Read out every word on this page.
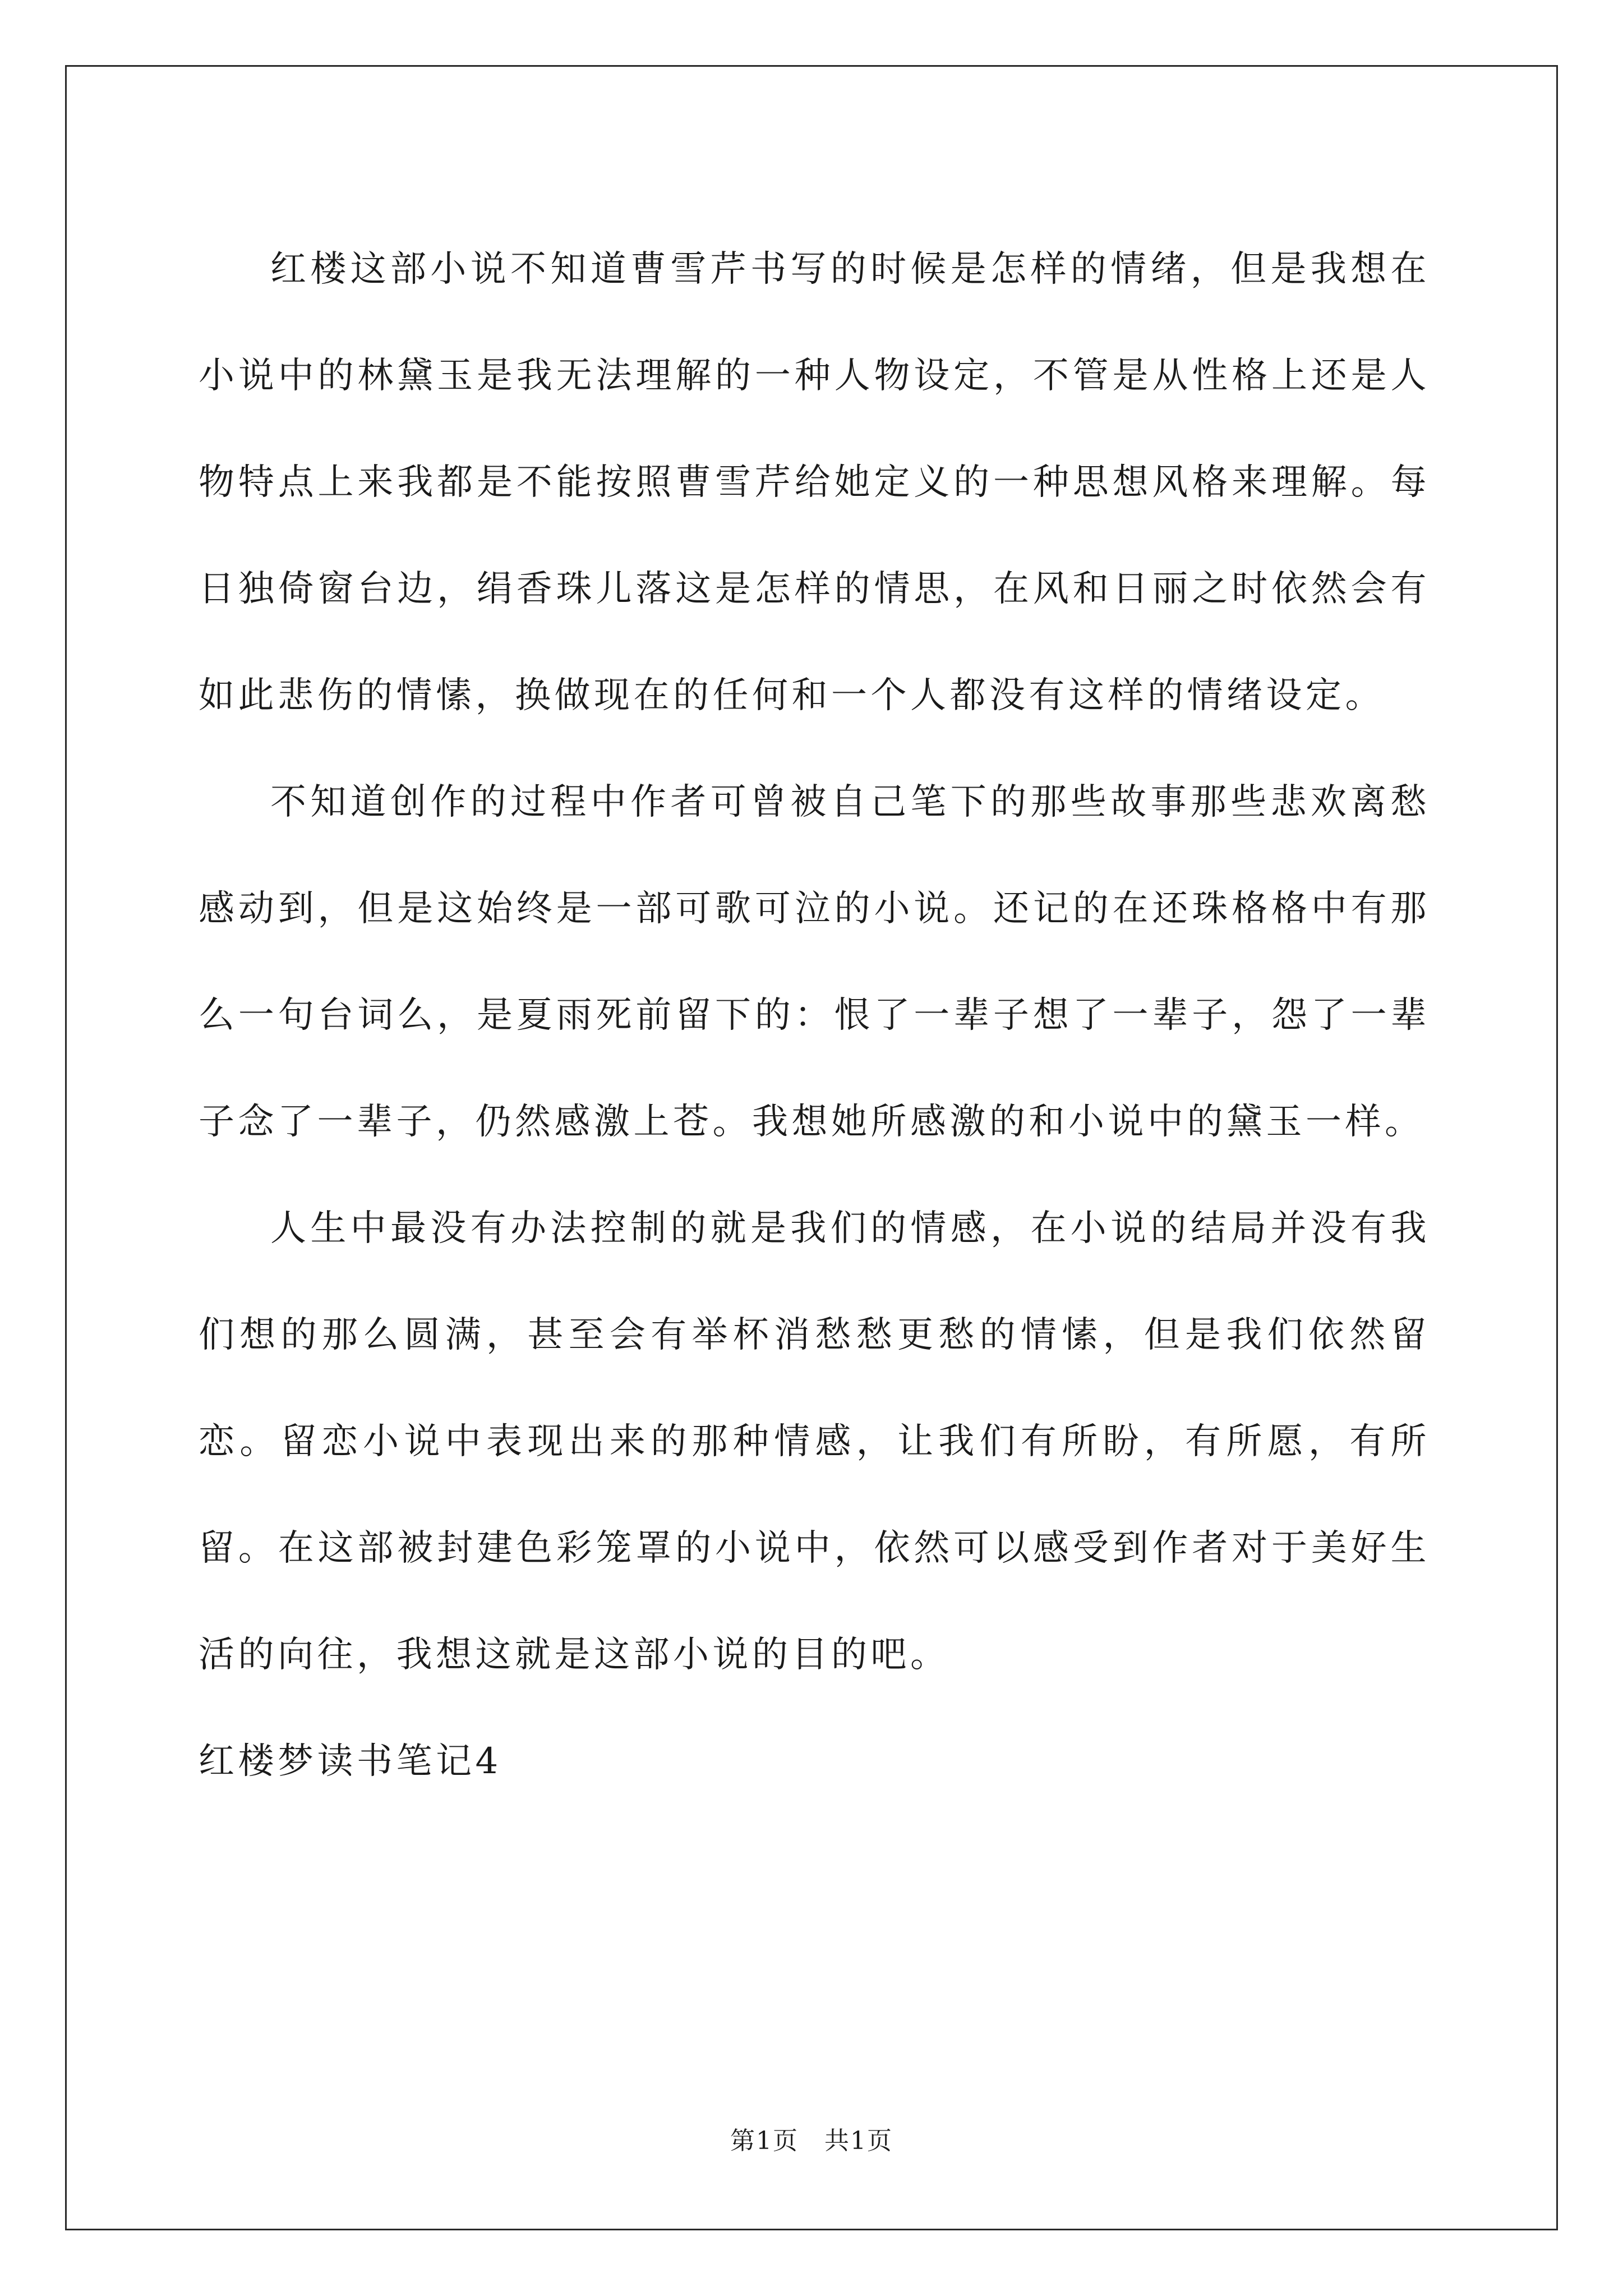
红楼这部小说不知道曹雪芹书写的时候是怎样的情绪，但是我想在小说中的林黛玉是我无法理解的一种人物设定，不管是从性格上还是人物特点上来我都是不能按照曹雪芹给她定义的一种思想风格来理解。每日独倚窗台边，绢香珠儿落这是怎样的情思，在风和日丽之时依然会有如此悲伤的情愫，换做现在的任何和一个人都没有这样的情绪设定。

不知道创作的过程中作者可曾被自己笔下的那些故事那些悲欢离愁感动到，但是这始终是一部可歌可泣的小说。还记的在还珠格格中有那么一句台词么，是夏雨死前留下的：恨了一辈子想了一辈子，怨了一辈子念了一辈子，仍然感激上苍。我想她所感激的和小说中的黛玉一样。

人生中最没有办法控制的就是我们的情感，在小说的结局并没有我们想的那么圆满，甚至会有举杯消愁愁更愁的情愫，但是我们依然留恋。留恋小说中表现出来的那种情感，让我们有所盼，有所愿，有所留。在这部被封建色彩笼罩的小说中，依然可以感受到作者对于美好生活的向往，我想这就是这部小说的目的吧。

红楼梦读书笔记4

第1页　共1页
